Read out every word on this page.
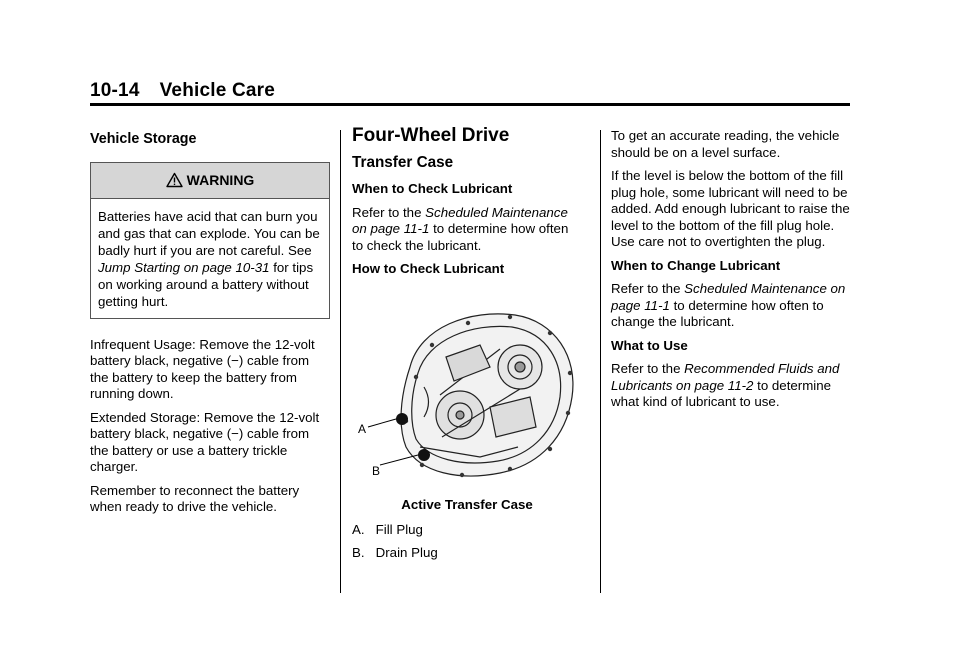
10-14 Vehicle Care
Vehicle Storage
WARNING
Batteries have acid that can burn you and gas that can explode. You can be badly hurt if you are not careful. See Jump Starting on page 10-31 for tips on working around a battery without getting hurt.

Infrequent Usage: Remove the 12-volt battery black, negative (−) cable from the battery to keep the battery from running down.

Extended Storage: Remove the 12-volt battery black, negative (−) cable from the battery or use a battery trickle charger.

Remember to reconnect the battery when ready to drive the vehicle.

Four-Wheel Drive
Transfer Case
When to Check Lubricant

Refer to the Scheduled Maintenance on page 11-1 to determine how often to check the lubricant.

How to Check Lubricant
A
B
Active Transfer Case

A.   Fill Plug

B.   Drain Plug

To get an accurate reading, the vehicle should be on a level surface.

If the level is below the bottom of the fill plug hole, some lubricant will need to be added. Add enough lubricant to raise the level to the bottom of the fill plug hole. Use care not to overtighten the plug.

When to Change Lubricant

Refer to the Scheduled Maintenance on page 11-1 to determine how often to change the lubricant.

What to Use

Refer to the Recommended Fluids and Lubricants on page 11-2 to determine what kind of lubricant to use.
